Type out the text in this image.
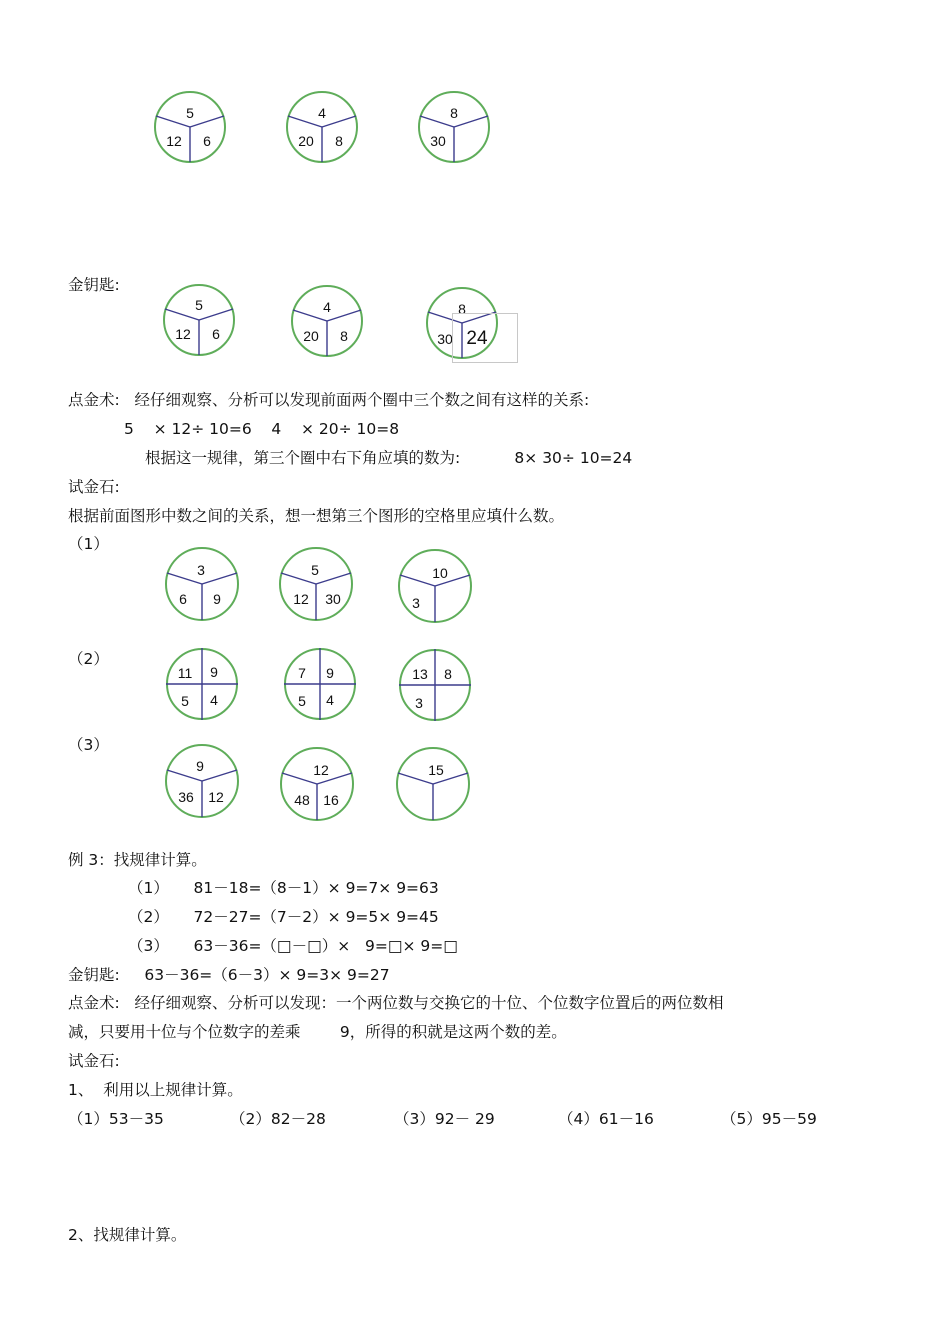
5
12 6
4
20 8
8
30
金钥匙:
5
12 6
4
20 8
8
30 24
点金术:   经仔细观察、分析可以发现前面两个圈中三个数之间有这样的关系:
5    × 12÷ 10=6    4    × 20÷ 10=8
根据这一规律，第三个圈中右下角应填的数为:           8× 30÷ 10=24
试金石:
根据前面图形中数之间的关系，想一想第三个图形的空格里应填什么数。
（1）
3
6 9
5
12 30
10
3
（2）
11 9
5 4
7 9
5 4
13 8
3
（3）
9
36 12
12
48 16
15
例 3：找规律计算。
（1）     81－18=（8－1）× 9=7× 9=63
（2）     72－27=（7－2）× 9=5× 9=45
（3）     63－36=（□－□）×   9=□× 9=□
金钥匙:     63－36=（6－3）× 9=3× 9=27
点金术:   经仔细观察、分析可以发现：一个两位数与交换它的十位、个位数字位置后的两位数相
减，只要用十位与个位数字的差乘        9，所得的积就是这两个数的差。
试金石:
1、  利用以上规律计算。
（1）53－35	（2）82－28	（3）92－ 29	（4）61－16	（5）95－59
2、找规律计算。
